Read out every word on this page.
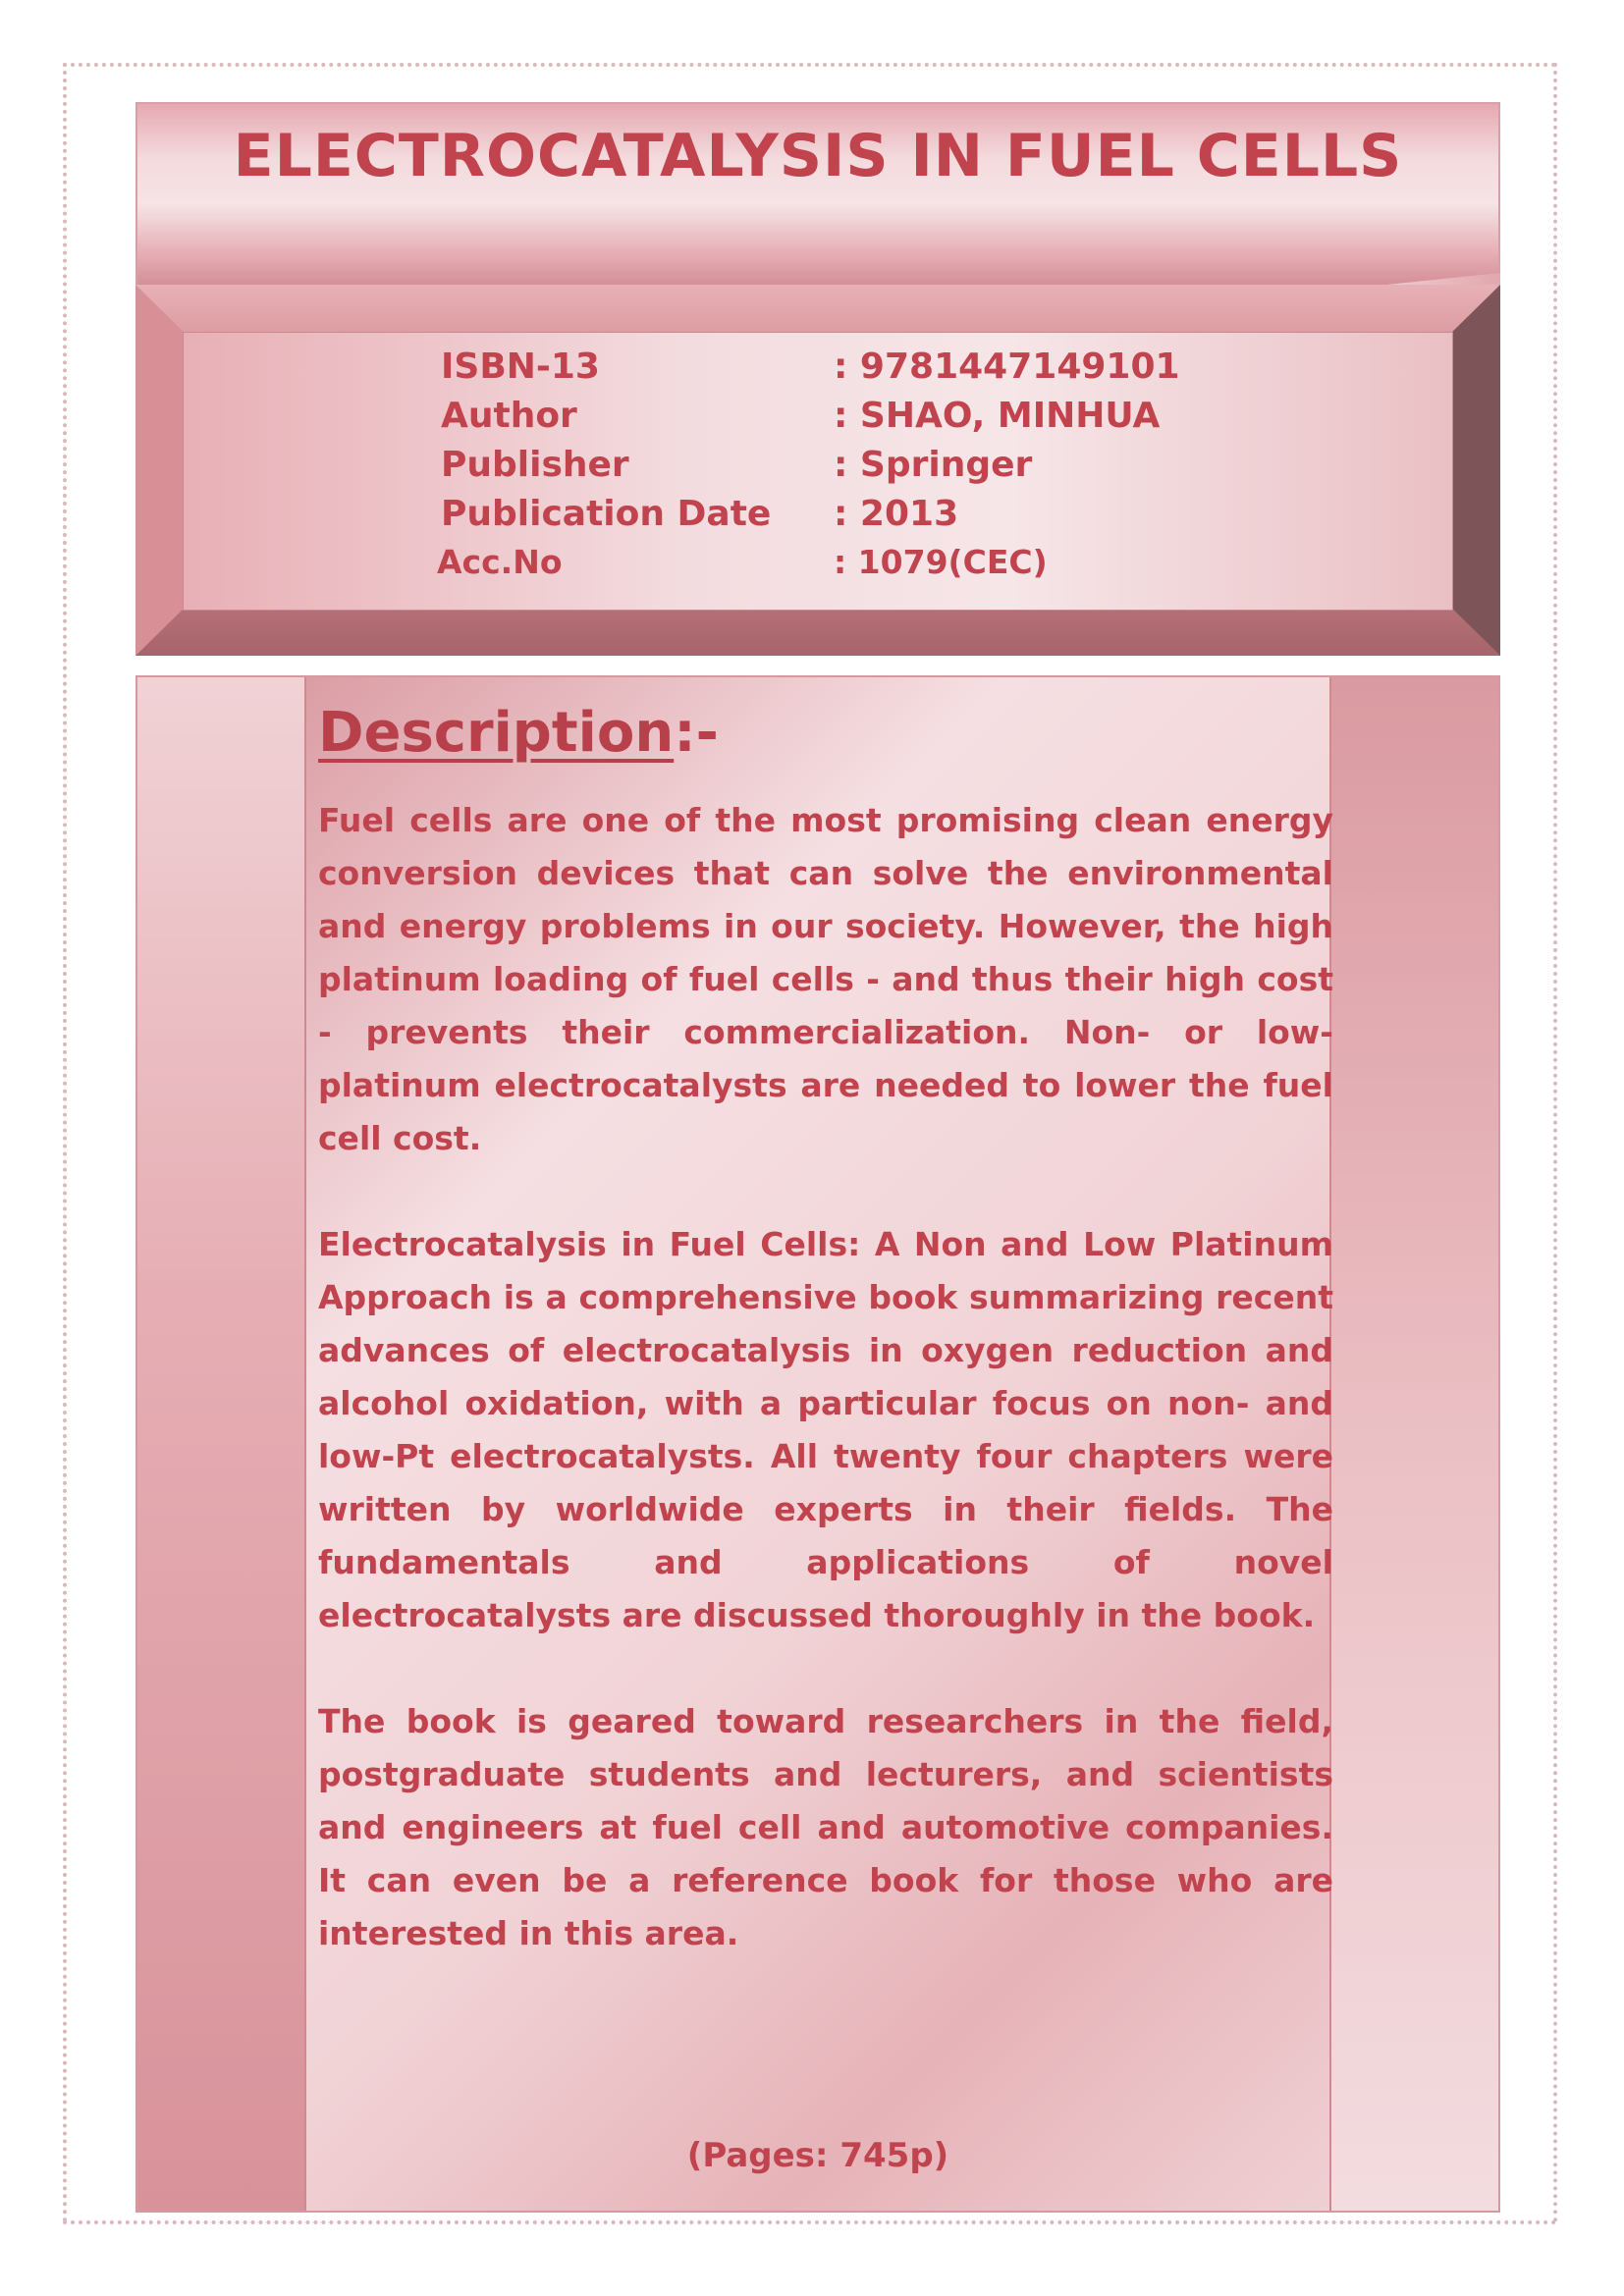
ELECTROCATALYSIS IN FUEL CELLS
ISBN-13	: 9781447149101
Author	: SHAO, MINHUA
Publisher	: Springer
Publication Date : 2013
Acc.No	: 1079(CEC)
Description:-

Fuel cells are one of the most promising clean energy conversion devices that can solve the environmental and energy problems in our society. However, the high platinum loading of fuel cells - and thus their high cost - prevents their commercialization. Non- or low- platinum electrocatalysts are needed to lower the fuel cell cost.

Electrocatalysis in Fuel Cells: A Non and Low Platinum Approach is a comprehensive book summarizing recent advances of electrocatalysis in oxygen reduction and alcohol oxidation, with a particular focus on non- and low-Pt electrocatalysts. All twenty four chapters were written by worldwide experts in their fields. The fundamentals and applications of novel electrocatalysts are discussed thoroughly in the book.

The book is geared toward researchers in the field, postgraduate students and lecturers, and scientists and engineers at fuel cell and automotive companies. It can even be a reference book for those who are interested in this area.

(Pages: 745p)
